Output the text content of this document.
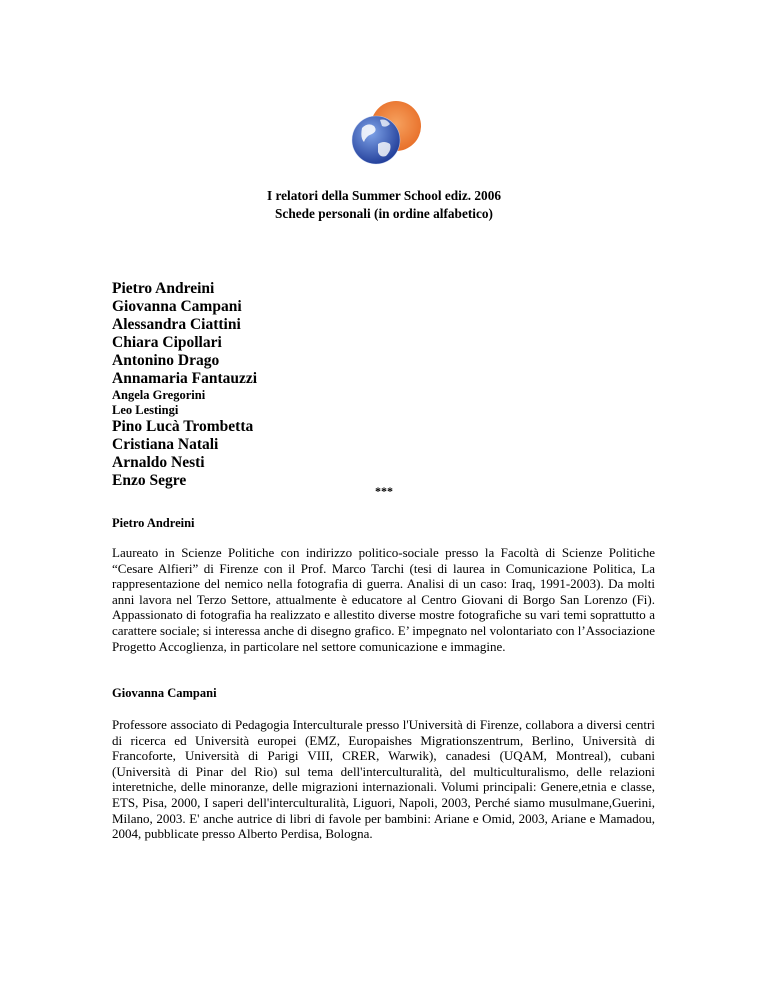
I relatori della Summer School ediz. 2006
Schede personali (in ordine alfabetico)
Pietro Andreini
Giovanna Campani
Alessandra Ciattini
Chiara Cipollari
Antonino Drago
Annamaria Fantauzzi
Angela Gregorini
Leo Lestingi
Pino Lucà Trombetta
Cristiana Natali
Arnaldo Nesti
Enzo Segre
***
Pietro Andreini

Laureato in Scienze Politiche con indirizzo politico-sociale presso la Facoltà di Scienze Politiche “Cesare Alfieri” di Firenze con il Prof. Marco Tarchi (tesi di laurea in Comunicazione Politica, La rappresentazione del nemico nella fotografia di guerra. Analisi di un caso: Iraq, 1991-2003). Da molti anni lavora nel Terzo Settore, attualmente è educatore al Centro Giovani di Borgo San Lorenzo (Fi). Appassionato di fotografia ha realizzato e allestito diverse mostre fotografiche su vari temi soprattutto a carattere sociale; si interessa anche di disegno grafico. E’ impegnato nel volontariato con l’Associazione Progetto Accoglienza, in particolare nel settore comunicazione e immagine.

Giovanna Campani

Professore associato di Pedagogia Interculturale presso l'Università di Firenze, collabora a diversi centri di ricerca ed Università europei (EMZ, Europaishes Migrationszentrum, Berlino, Università di Francoforte, Università di Parigi VIII, CRER, Warwik), canadesi (UQAM, Montreal), cubani (Università di Pinar del Rio) sul tema dell'interculturalità, del multiculturalismo, delle relazioni interetniche, delle minoranze, delle migrazioni internazionali. Volumi principali: Genere,etnia e classe, ETS, Pisa, 2000, I saperi dell'interculturalità, Liguori, Napoli, 2003, Perché siamo musulmane,Guerini, Milano, 2003. E' anche autrice di libri di favole per bambini: Ariane e Omid, 2003, Ariane e Mamadou, 2004, pubblicate presso Alberto Perdisa, Bologna.
